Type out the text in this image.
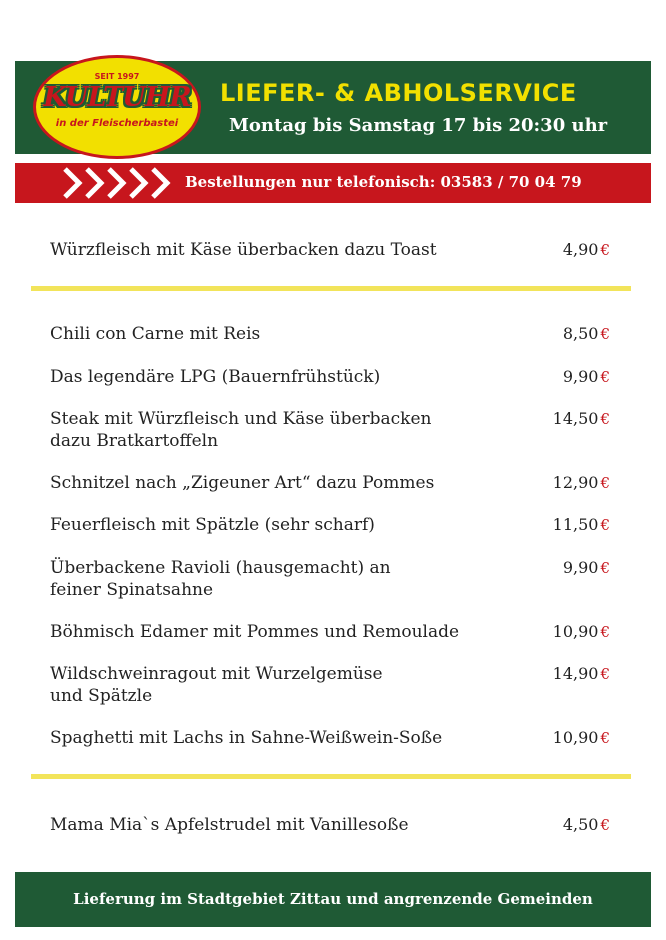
SEIT 1997
KULTUHR
in der Fleischerbastei
LIEFER- & ABHOLSERVICE
Montag bis Samstag 17 bis 20:30 uhr
Bestellungen nur telefonisch: 03583 / 70 04 79
Würzfleisch mit Käse überbacken dazu Toast	4,90 €
Chili con Carne mit Reis	8,50 €
Das legendäre LPG (Bauernfrühstück)	9,90 €
Steak mit Würzfleisch und Käse überbacken
dazu Bratkartoffeln
14,50 €
Schnitzel nach „Zigeuner Art“ dazu Pommes	12,90 €
Feuerfleisch mit Spätzle (sehr scharf)	11,50 €
Überbackene Ravioli (hausgemacht) an
feiner Spinatsahne
9,90 €
Böhmisch Edamer mit Pommes und Remoulade	10,90 €
Wildschweinragout mit Wurzelgemüse
und Spätzle
14,90 €
Spaghetti mit Lachs in Sahne-Weißwein-Soße	10,90 €
Mama Mia`s Apfelstrudel mit Vanillesoße	4,50 €
Lieferung im Stadtgebiet Zittau und angrenzende Gemeinden
